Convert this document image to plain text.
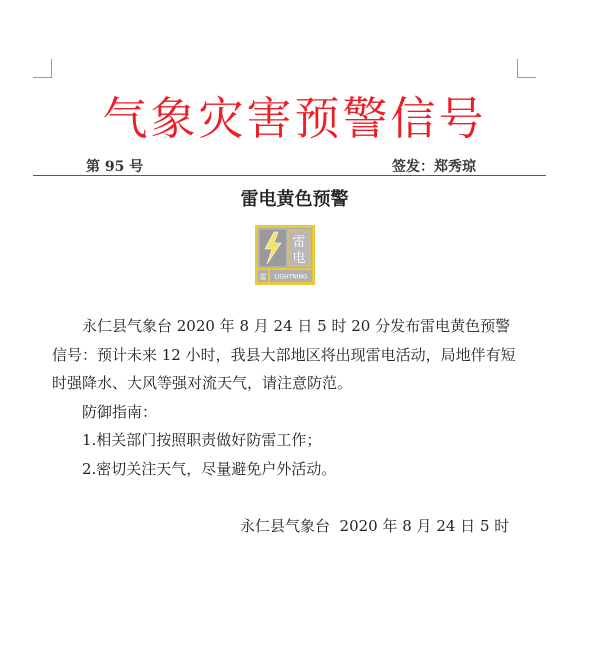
气象灾害预警信号
第 95 号	签发：郑秀琼
雷电黄色预警
雷
电
雷 LIGHTNING

永仁县气象台 2020 年 8 月 24 日 5 时 20 分发布雷电黄色预警信号：预计未来 12 小时，我县大部地区将出现雷电活动，局地伴有短时强降水、大风等强对流天气，请注意防范。

防御指南：

1.相关部门按照职责做好防雷工作；

2.密切关注天气，尽量避免户外活动。

永仁县气象台  2020 年 8 月 24 日 5 时
